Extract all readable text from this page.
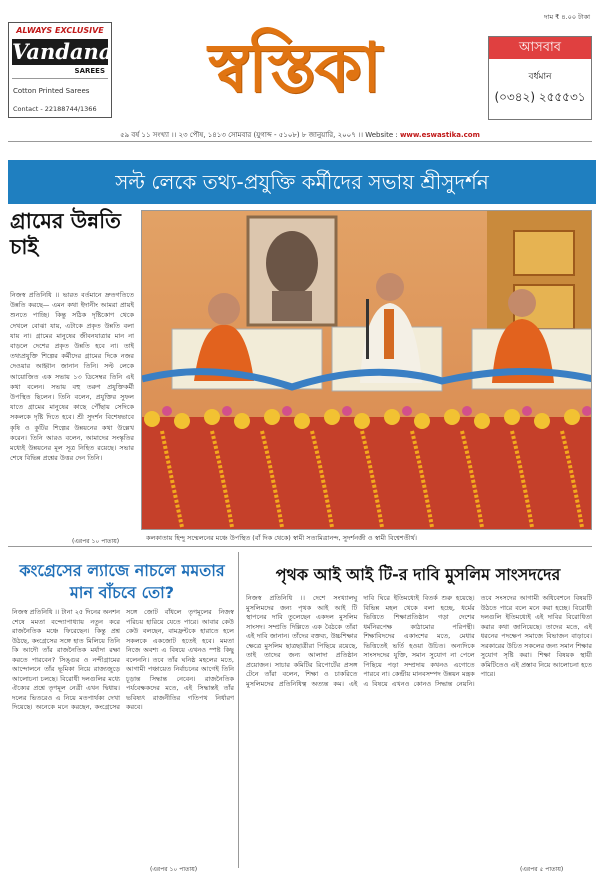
ALWAYS EXCLUSIVE
Vandana
SAREES
Cotton Printed Sarees
Contact - 22188744/1366
স্বস্তিকা
দাম ₹ ৪.০০ টাকা
আসবাব
বর্ধমান
(০৩৪২) ২৫৫৫৩১
৫৯ বর্ষ ১১ সংখ্যা ।। ২৩ পৌষ, ১৪১৩ সোমবার (যুগাব্দ - ৫১০৮) ৮ জানুয়ারি, ২০০৭ ।। Website : www.eswastika.com
সল্ট লেকে তথ্য-প্রযুক্তি কর্মীদের সভায় শ্রীসুদর্শন
গ্রামের উন্নতি চাই
নিজস্ব প্রতিনিধি ।। ভারত বর্তমানে দ্রুতগতিতে উন্নতি করছে— এমন কথা ইদানীং আমরা প্রায়ই শুনতে পাচ্ছি। কিন্তু সঠিক দৃষ্টিকোণ থেকে দেখলে বোঝা যায়, এটাকে প্রকৃত উন্নতি বলা যায় না। গ্রামের মানুষের জীবনযাত্রার মান না বাড়লে দেশের প্রকৃত উন্নতি হবে না। তাই তথ্যপ্রযুক্তি শিল্পের কর্মীদের গ্রামের দিকে নজর দেওয়ার আহ্বান জানান তিনি। সল্ট লেকে আয়োজিত এক সভায় ১৩ ডিসেম্বর তিনি এই কথা বলেন। সভায় বহু তরুণ প্রযুক্তিকর্মী উপস্থিত ছিলেন। তিনি বলেন, প্রযুক্তির সুফল যাতে গ্রামের মানুষের কাছে পৌঁছায় সেদিকে সকলকে দৃষ্টি দিতে হবে। শ্রী সুদর্শন বিশেষভাবে কৃষি ও কুটির শিল্পের উন্নয়নের কথা উল্লেখ করেন। তিনি আরও বলেন, আমাদের সংস্কৃতির মধ্যেই উন্নয়নের মূল সূত্র নিহিত রয়েছে। সভার শেষে বিভিন্ন প্রশ্নের উত্তর দেন তিনি।
(এরপর ১০ পাতায়)	কলকাতায় হিন্দু সম্মেলনের মঞ্চে উপস্থিত (বাঁ দিক থেকে) স্বামী সত্যমিত্রানন্দ, সুদর্শনজী ও স্বামী বিশ্বেশতীর্থ।
কংগ্রেসের ল্যাজে নাচলে মমতার মান বাঁচবে তো?
নিজস্ব প্রতিনিধি ।। টানা ২৫ দিনের অনশন শেষে মমতা বন্দ্যোপাধ্যায় নতুন করে রাজনৈতিক মঞ্চে ফিরেছেন। কিন্তু প্রশ্ন উঠছে, কংগ্রেসের সঙ্গে হাত মিলিয়ে তিনি কি আদৌ তাঁর রাজনৈতিক মর্যাদা রক্ষা করতে পারবেন? সিঙ্গুর ও নন্দীগ্রামের আন্দোলনে তাঁর ভূমিকা নিয়ে রাজ্যজুড়ে আলোচনা চলছে। বিরোধী দলগুলির মধ্যে ঐক্যের প্রশ্নে তৃণমূল নেত্রী এখন দ্বিধায়। দলের ভিতরেও এ নিয়ে মতপার্থক্য দেখা দিয়েছে। অনেকে মনে করছেন, কংগ্রেসের সঙ্গে জোট বাঁধলে তৃণমূলের নিজস্ব পরিচয় হারিয়ে যেতে পারে। আবার কেউ কেউ বলছেন, বামফ্রন্টকে হারাতে হলে সকলকে একজোট হতেই হবে। মমতা নিজে অবশ্য এ বিষয়ে এখনও স্পষ্ট কিছু বলেননি। তবে তাঁর ঘনিষ্ঠ মহলের মতে, আগামী পঞ্চায়েত নির্বাচনের আগেই তিনি চূড়ান্ত সিদ্ধান্ত নেবেন। রাজনৈতিক পর্যবেক্ষকদের মতে, এই সিদ্ধান্তই তাঁর ভবিষ্যৎ রাজনীতির গতিপথ নির্ধারণ করবে।
(এরপর ১০ পাতায়)
পৃথক আই আই টি-র দাবি মুসলিম সাংসদদের
নিজস্ব প্রতিনিধি ।। দেশে সংখ্যালঘু মুসলিমদের জন্য পৃথক আই আই টি স্থাপনের দাবি তুলেছেন একদল মুসলিম সাংসদ। সম্প্রতি দিল্লিতে এক বৈঠকে তাঁরা এই দাবি জানান। তাঁদের বক্তব্য, উচ্চশিক্ষার ক্ষেত্রে মুসলিম ছাত্রছাত্রীরা পিছিয়ে রয়েছে, তাই তাদের জন্য আলাদা প্রতিষ্ঠান প্রয়োজন। সাচার কমিটির রিপোর্টের প্রসঙ্গ টেনে তাঁরা বলেন, শিক্ষা ও চাকরিতে মুসলিমদের প্রতিনিধিত্ব অত্যন্ত কম। এই দাবি ঘিরে ইতিমধ্যেই বিতর্ক শুরু হয়েছে। বিভিন্ন মহল থেকে বলা হচ্ছে, ধর্মের ভিত্তিতে শিক্ষাপ্রতিষ্ঠান গড়া দেশের ধর্মনিরপেক্ষ কাঠামোর পরিপন্থী। শিক্ষাবিদদের একাংশের মতে, মেধার ভিত্তিতেই ভর্তি হওয়া উচিত। অন্যদিকে সাংসদদের যুক্তি, সমান সুযোগ না পেলে পিছিয়ে পড়া সম্প্রদায় কখনও এগোতে পারবে না। কেন্দ্রীয় মানবসম্পদ উন্নয়ন মন্ত্রক এ বিষয়ে এখনও কোনও সিদ্ধান্ত নেয়নি। তবে সংসদের আগামী অধিবেশনে বিষয়টি উঠতে পারে বলে মনে করা হচ্ছে। বিরোধী দলগুলি ইতিমধ্যেই এই দাবির বিরোধিতা করার কথা জানিয়েছে। তাদের মতে, এই ধরনের পদক্ষেপ সমাজে বিভাজন বাড়াবে। সরকারের উচিত সকলের জন্য সমান শিক্ষার সুযোগ সৃষ্টি করা। শিক্ষা বিষয়ক স্থায়ী কমিটিতেও এই প্রস্তাব নিয়ে আলোচনা হতে পারে।
(এরপর ৫ পাতায়)
